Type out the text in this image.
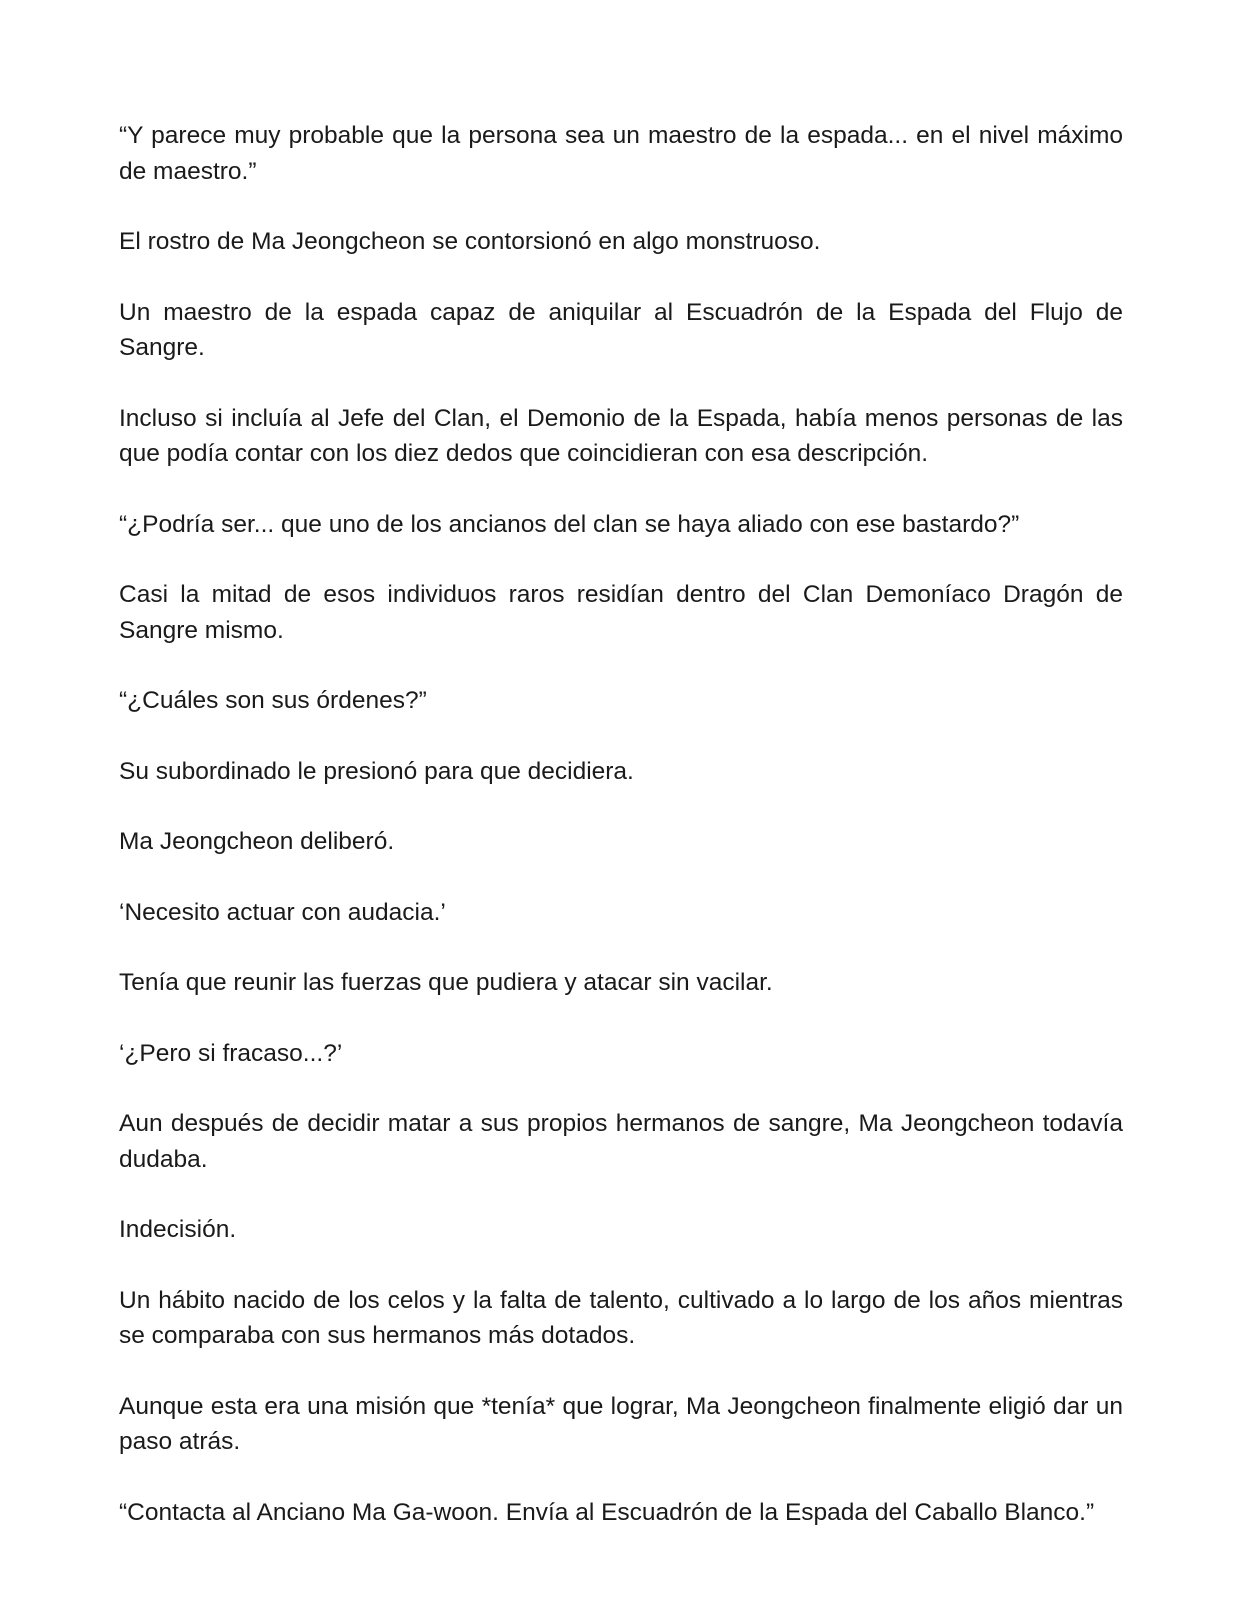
“Y parece muy probable que la persona sea un maestro de la espada... en el nivel máximo de maestro.”

El rostro de Ma Jeongcheon se contorsionó en algo monstruoso.

Un maestro de la espada capaz de aniquilar al Escuadrón de la Espada del Flujo de Sangre.

Incluso si incluía al Jefe del Clan, el Demonio de la Espada, había menos personas de las que podía contar con los diez dedos que coincidieran con esa descripción.

“¿Podría ser... que uno de los ancianos del clan se haya aliado con ese bastardo?”

Casi la mitad de esos individuos raros residían dentro del Clan Demoníaco Dragón de Sangre mismo.

“¿Cuáles son sus órdenes?”

Su subordinado le presionó para que decidiera.

Ma Jeongcheon deliberó.

‘Necesito actuar con audacia.’

Tenía que reunir las fuerzas que pudiera y atacar sin vacilar.

‘¿Pero si fracaso...?’

Aun después de decidir matar a sus propios hermanos de sangre, Ma Jeongcheon todavía dudaba.

Indecisión.

Un hábito nacido de los celos y la falta de talento, cultivado a lo largo de los años mientras se comparaba con sus hermanos más dotados.

Aunque esta era una misión que *tenía* que lograr, Ma Jeongcheon finalmente eligió dar un paso atrás.

“Contacta al Anciano Ma Ga-woon. Envía al Escuadrón de la Espada del Caballo Blanco.”
